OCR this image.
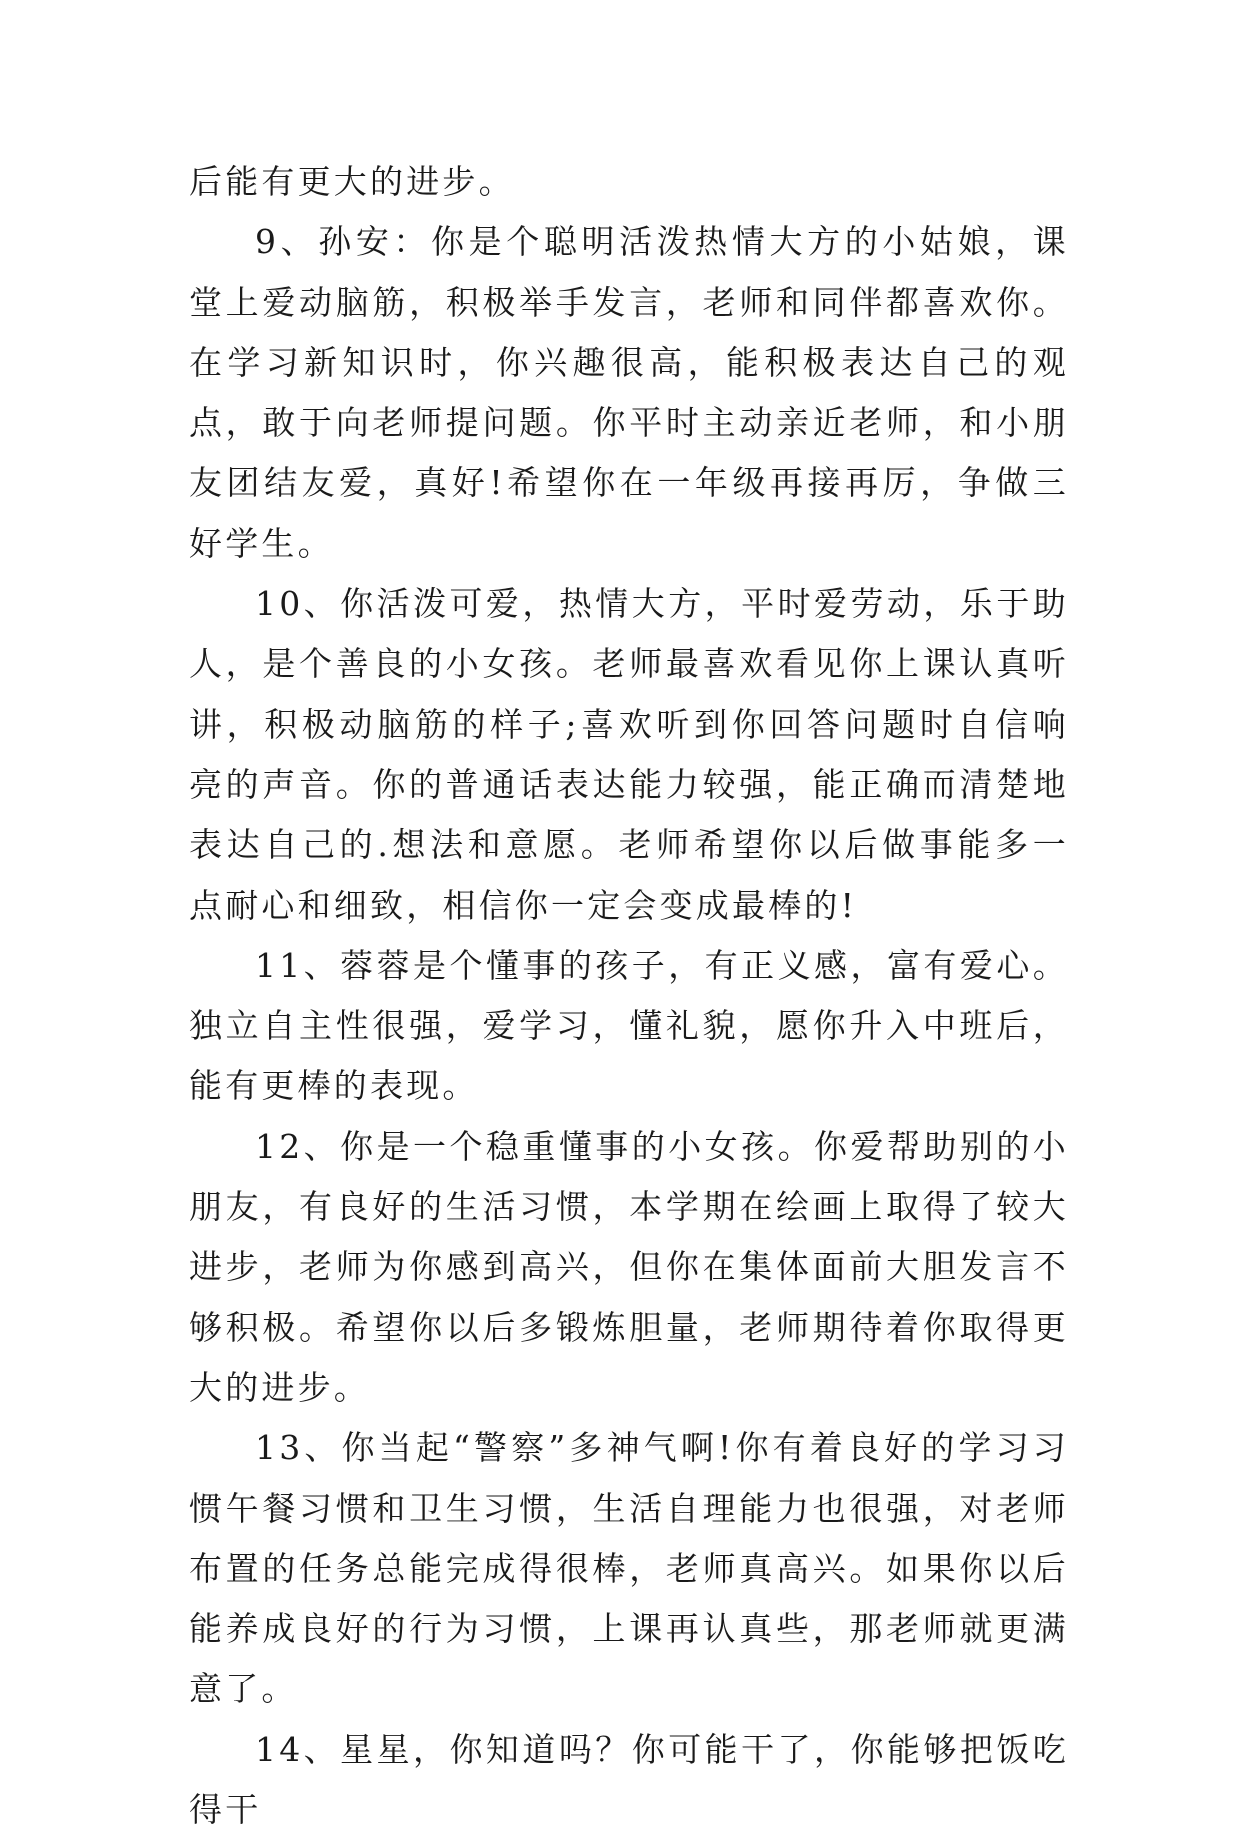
后能有更大的进步。

9、孙安：你是个聪明活泼热情大方的小姑娘，课堂上爱动脑筋，积极举手发言，老师和同伴都喜欢你。在学习新知识时，你兴趣很高，能积极表达自己的观点，敢于向老师提问题。你平时主动亲近老师，和小朋友团结友爱，真好!希望你在一年级再接再厉，争做三好学生。

10、你活泼可爱，热情大方，平时爱劳动，乐于助人，是个善良的小女孩。老师最喜欢看见你上课认真听讲，积极动脑筋的样子;喜欢听到你回答问题时自信响亮的声音。你的普通话表达能力较强，能正确而清楚地表达自己的.想法和意愿。老师希望你以后做事能多一点耐心和细致，相信你一定会变成最棒的!

11、蓉蓉是个懂事的孩子，有正义感，富有爱心。独立自主性很强，爱学习，懂礼貌，愿你升入中班后，能有更棒的表现。

12、你是一个稳重懂事的小女孩。你爱帮助别的小朋友，有良好的生活习惯，本学期在绘画上取得了较大进步，老师为你感到高兴，但你在集体面前大胆发言不够积极。希望你以后多锻炼胆量，老师期待着你取得更大的进步。

13、你当起“警察”多神气啊!你有着良好的学习习惯午餐习惯和卫生习惯，生活自理能力也很强，对老师布置的任务总能完成得很棒，老师真高兴。如果你以后能养成良好的行为习惯，上课再认真些，那老师就更满意了。

14、星星，你知道吗？你可能干了，你能够把饭吃得干
